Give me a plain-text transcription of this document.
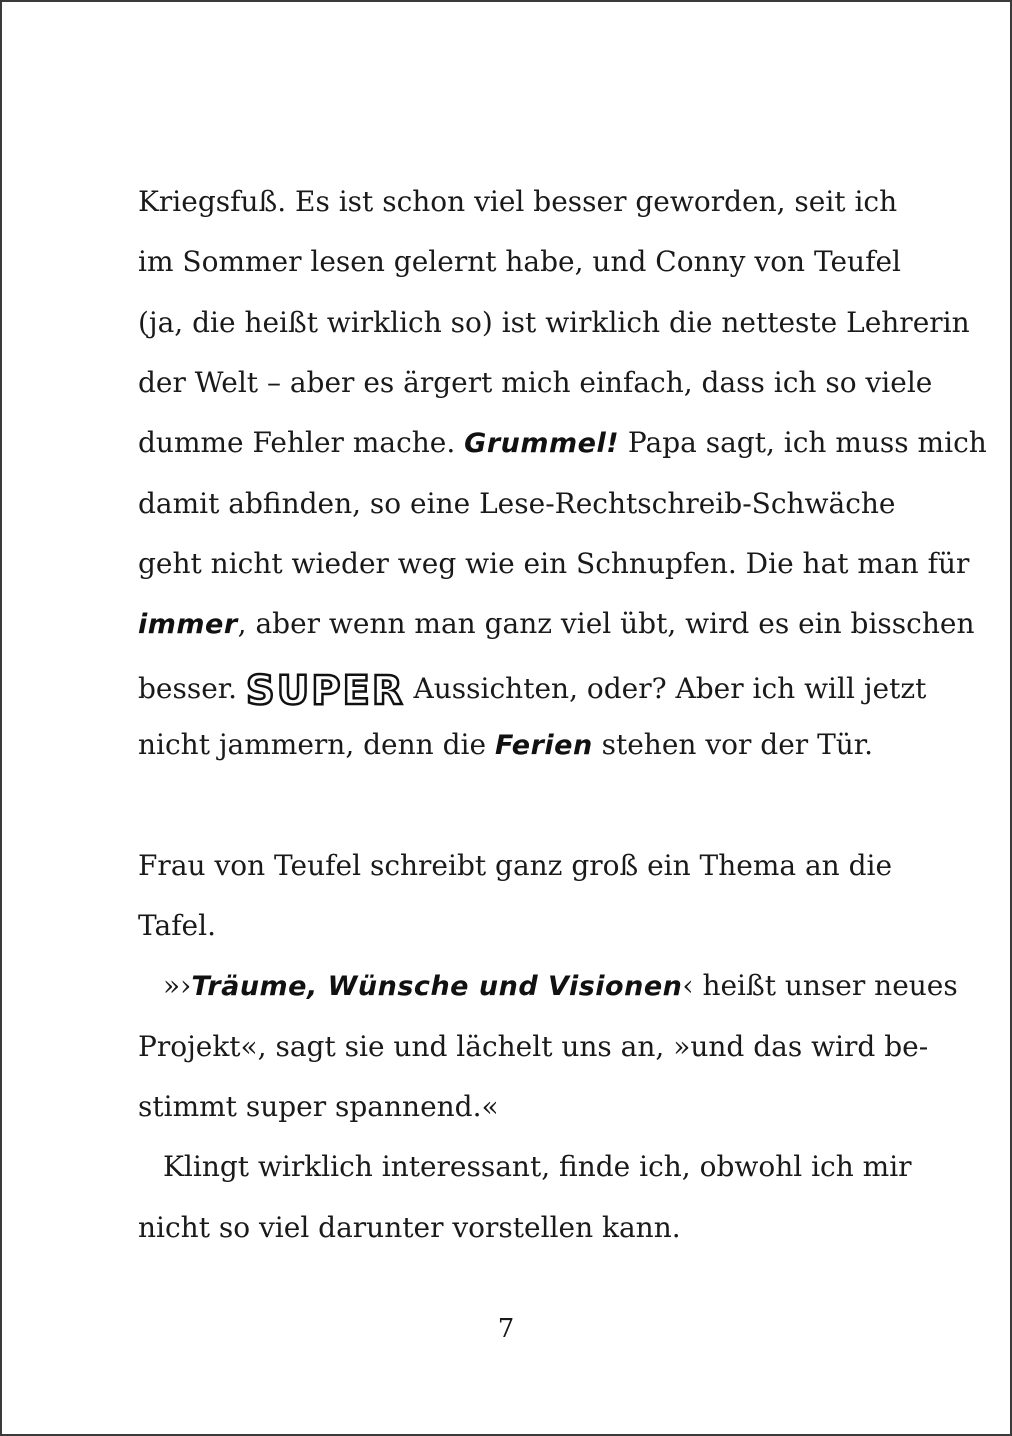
Kriegsfuß. Es ist schon viel besser geworden, seit ich
im Sommer lesen gelernt habe, und Conny von Teufel
(ja, die heißt wirklich so) ist wirklich die netteste Lehrerin
der Welt – aber es ärgert mich einfach, dass ich so viele
dumme Fehler mache. Grummel! Papa sagt, ich muss mich
damit abfinden, so eine Lese-Rechtschreib-Schwäche
geht nicht wieder weg wie ein Schnupfen. Die hat man für
immer, aber wenn man ganz viel übt, wird es ein bisschen
besser. SUPER Aussichten, oder? Aber ich will jetzt
nicht jammern, denn die Ferien stehen vor der Tür.
Frau von Teufel schreibt ganz groß ein Thema an die
Tafel.
»›Träume, Wünsche und Visionen‹ heißt unser neues
Projekt«, sagt sie und lächelt uns an, »und das wird be-
stimmt super spannend.«
Klingt wirklich interessant, finde ich, obwohl ich mir
nicht so viel darunter vorstellen kann.
7
